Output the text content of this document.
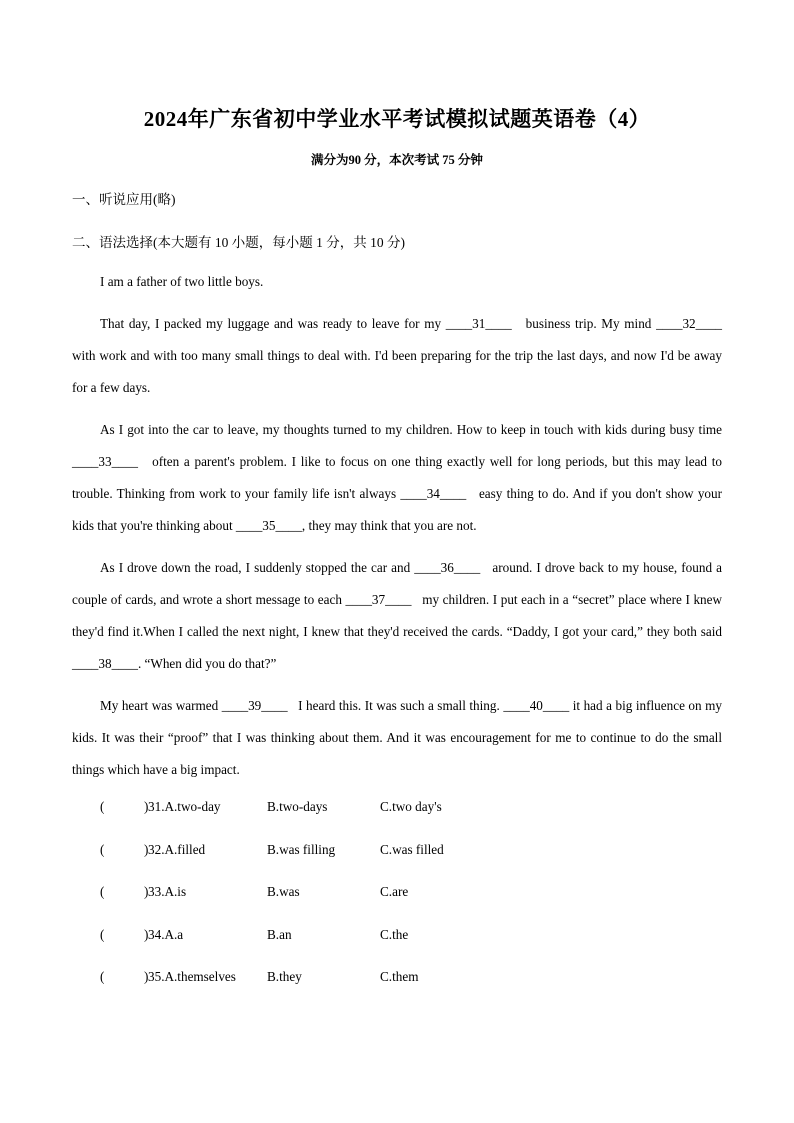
2024年广东省初中学业水平考试模拟试题英语卷（4）
满分为90 分，本次考试 75 分钟
一、听说应用(略)
二、语法选择(本大题有 10 小题，每小题 1 分，共 10 分)
I am a father of two little boys.
That day, I packed my luggage and was ready to leave for my ____31____   business trip. My mind ____32____   with work and with too many small things to deal with. I'd been preparing for the trip the last days, and now I'd be away for a few days.
As I got into the car to leave, my thoughts turned to my children. How to keep in touch with kids during busy time ____33____   often a parent's problem. I like to focus on one thing exactly well for long periods, but this may lead to trouble. Thinking from work to your family life isn't always ____34____   easy thing to do. And if you don't show your kids that you're thinking about ____35____, they may think that you are not.
As I drove down the road, I suddenly stopped the car and ____36____   around. I drove back to my house, found a couple of cards, and wrote a short message to each ____37____   my children. I put each in a “secret” place where I knew they'd find it.When I called the next night, I knew that they'd received the cards. “Daddy, I got your card,” they both said ____38____. “When did you do that?”
My heart was warmed ____39____   I heard this. It was such a small thing. ____40____ it had a big influence on my kids. It was their “proof” that I was thinking about them. And it was encouragement for me to continue to do the small things which have a big impact.
(	) 31.A.two-day	B.two-days	C.two day's
(	) 32.A.filled	B.was filling	C.was filled
(	) 33.A.is	B.was	C.are
(	) 34.A.a	B.an	C.the
(	) 35.A.themselves B.they	C.them
